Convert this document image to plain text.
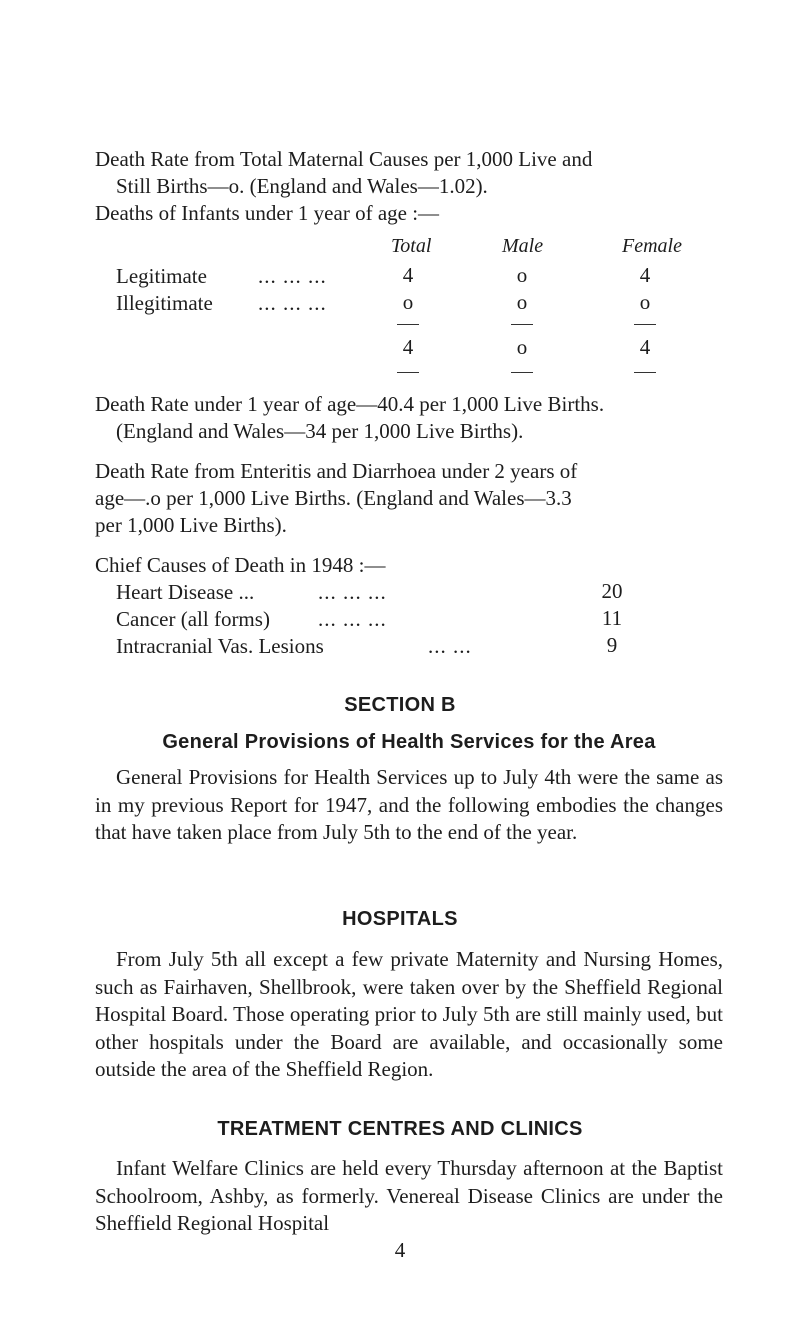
Death Rate from Total Maternal Causes per 1,000 Live and

Still Births—o. (England and Wales—1.02).

Deaths of Infants under 1 year of age :—

Total	Male	Female
Legitimate ... ... ...	4	o	4
Illegitimate ... ... ...	o	o	o
4	o	4

Death Rate under 1 year of age—40.4 per 1,000 Live Births.

(England and Wales—34 per 1,000 Live Births).

Death Rate from Enteritis and Diarrhoea under 2 years of

age—.o per 1,000 Live Births. (England and Wales—3.3

per 1,000 Live Births).

Chief Causes of Death in 1948 :—

Heart Disease ...	... ... ...	20
Cancer (all forms) ... ... ...	11
Intracranial Vas. Lesions	... ...	9
SECTION B
General Provisions of Health Services for the Area

General Provisions for Health Services up to July 4th were the same as in my previous Report for 1947, and the following embodies the changes that have taken place from July 5th to the end of the year.

HOSPITALS

From July 5th all except a few private Maternity and Nursing Homes, such as Fairhaven, Shellbrook, were taken over by the Sheffield Regional Hospital Board. Those operating prior to July 5th are still mainly used, but other hospitals under the Board are available, and occasionally some outside the area of the Sheffield Region.

TREATMENT CENTRES AND CLINICS

Infant Welfare Clinics are held every Thursday afternoon at the Baptist Schoolroom, Ashby, as formerly. Venereal Disease Clinics are under the Sheffield Regional Hospital

4
